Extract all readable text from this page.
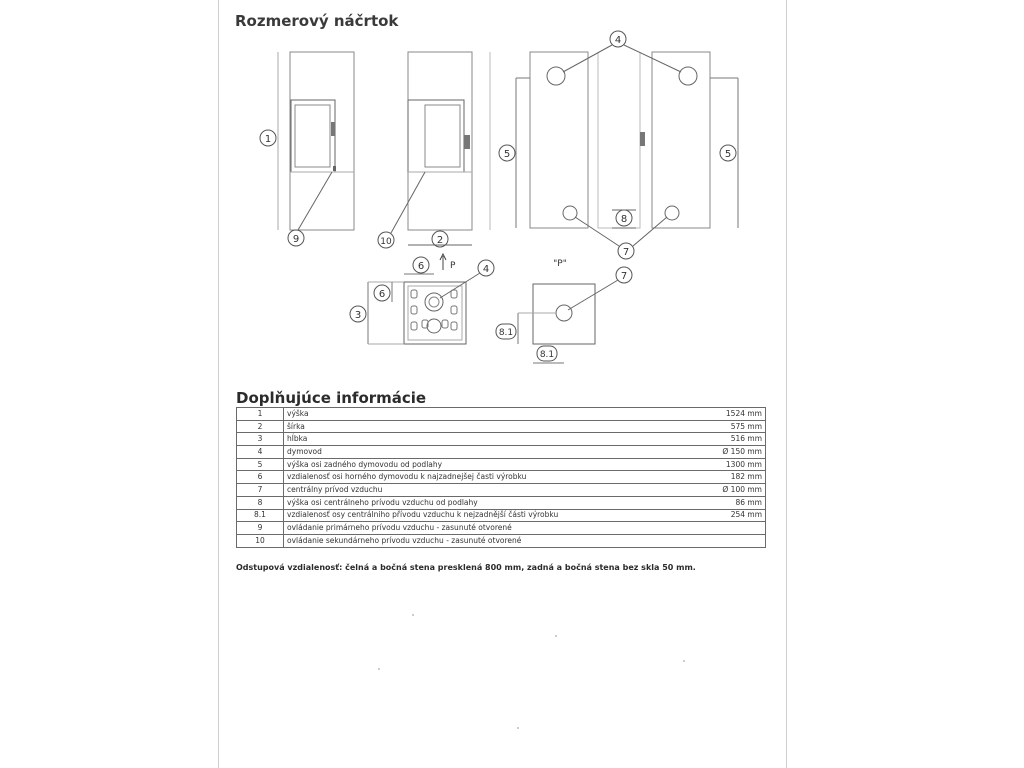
Rozmerový náčrtok
1
9	2
10
P
5	5
4
8
7
3
6
6	4	"P"
7
8.1
8.1
Doplňujúce informácie
1	výška	1524 mm
2	šírka	575 mm
3	hĺbka	516 mm
4	dymovod	Ø 150 mm
5	výška osi zadného dymovodu od podlahy	1300 mm
6	vzdialenosť osi horného dymovodu k najzadnejšej časti výrobku	182 mm
7	centrálny prívod vzduchu	Ø 100 mm
8	výška osi centrálneho prívodu vzduchu od podlahy	86 mm
8.1	vzdialenosť osy centrálniho přívodu vzduchu k nejzadnější části výrobku	254 mm
9	ovládanie primárneho prívodu vzduchu - zasunuté otvorené	
10	ovládanie sekundárneho prívodu vzduchu - zasunuté otvorené	
Odstupová vzdialenosť: čelná a bočná stena presklená 800 mm, zadná a bočná stena bez skla 50 mm.
